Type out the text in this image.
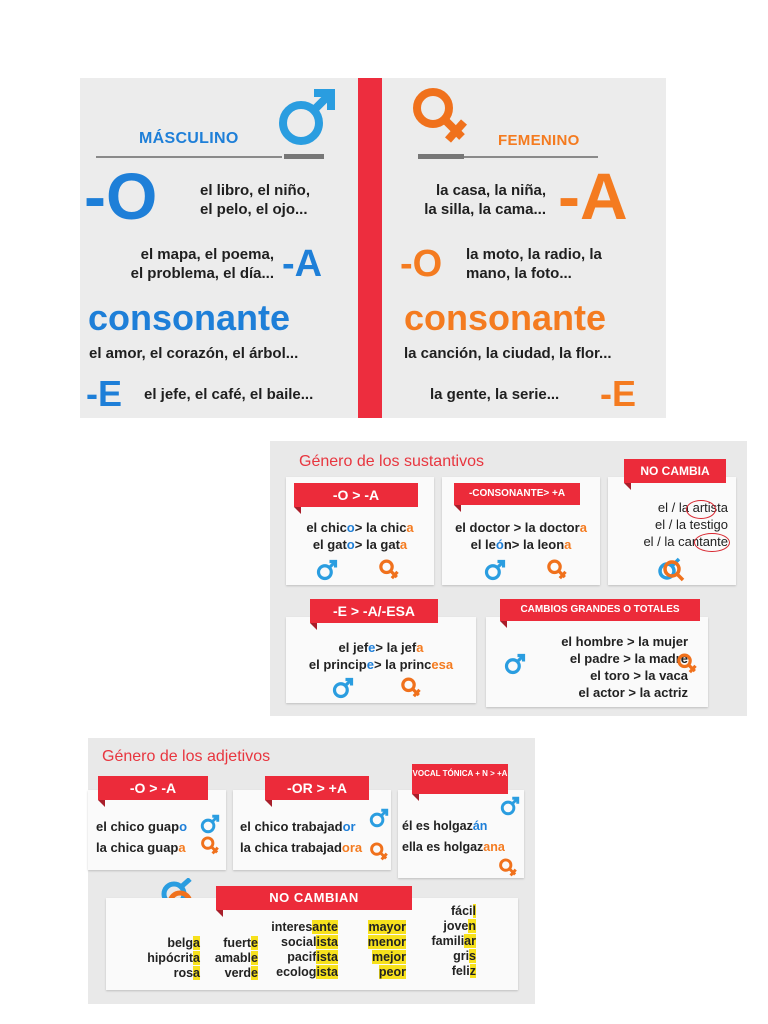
MÁSCULINO
-O	el libro, el niño,
el pelo, el ojo...
el mapa, el poema,
el problema, el día... -A
consonante
el amor, el corazón, el árbol...
-E el jefe, el café, el baile...
FEMENINO
la casa, la niña,
la silla, la cama... -A
-O la moto, la radio, la
mano, la foto...
consonante
la canción, la ciudad, la flor...
la gente, la serie... -E
Género de los sustantivos
-O > -A
el chico> la chica
el gato> la gata
-CONSONANTE> +A
el doctor > la doctora
el león> la leona
NO CAMBIA
el / la artista
el / la testigo
el / la cantante
-E > -A/-ESA
el jefe> la jefa
el principe> la princesa
CAMBIOS GRANDES O TOTALES
el hombre > la mujer
el padre > la madre
el toro > la vaca
el actor > la actriz
Género de los adjetivos
-O > -A
el chico guapo
la chica guapa
-OR > +A
el chico trabajador
la chica trabajadora
VOCAL TÓNICA + N > +A
él es holgazán
ella es holgazana
NO CAMBIAN
belga
hipócrita
rosa
fuerte
amable
verde
interesante
socialista
pacifista
ecologista
mayor
menor
mejor
peor
fácil
joven
familiar
gris
feliz
